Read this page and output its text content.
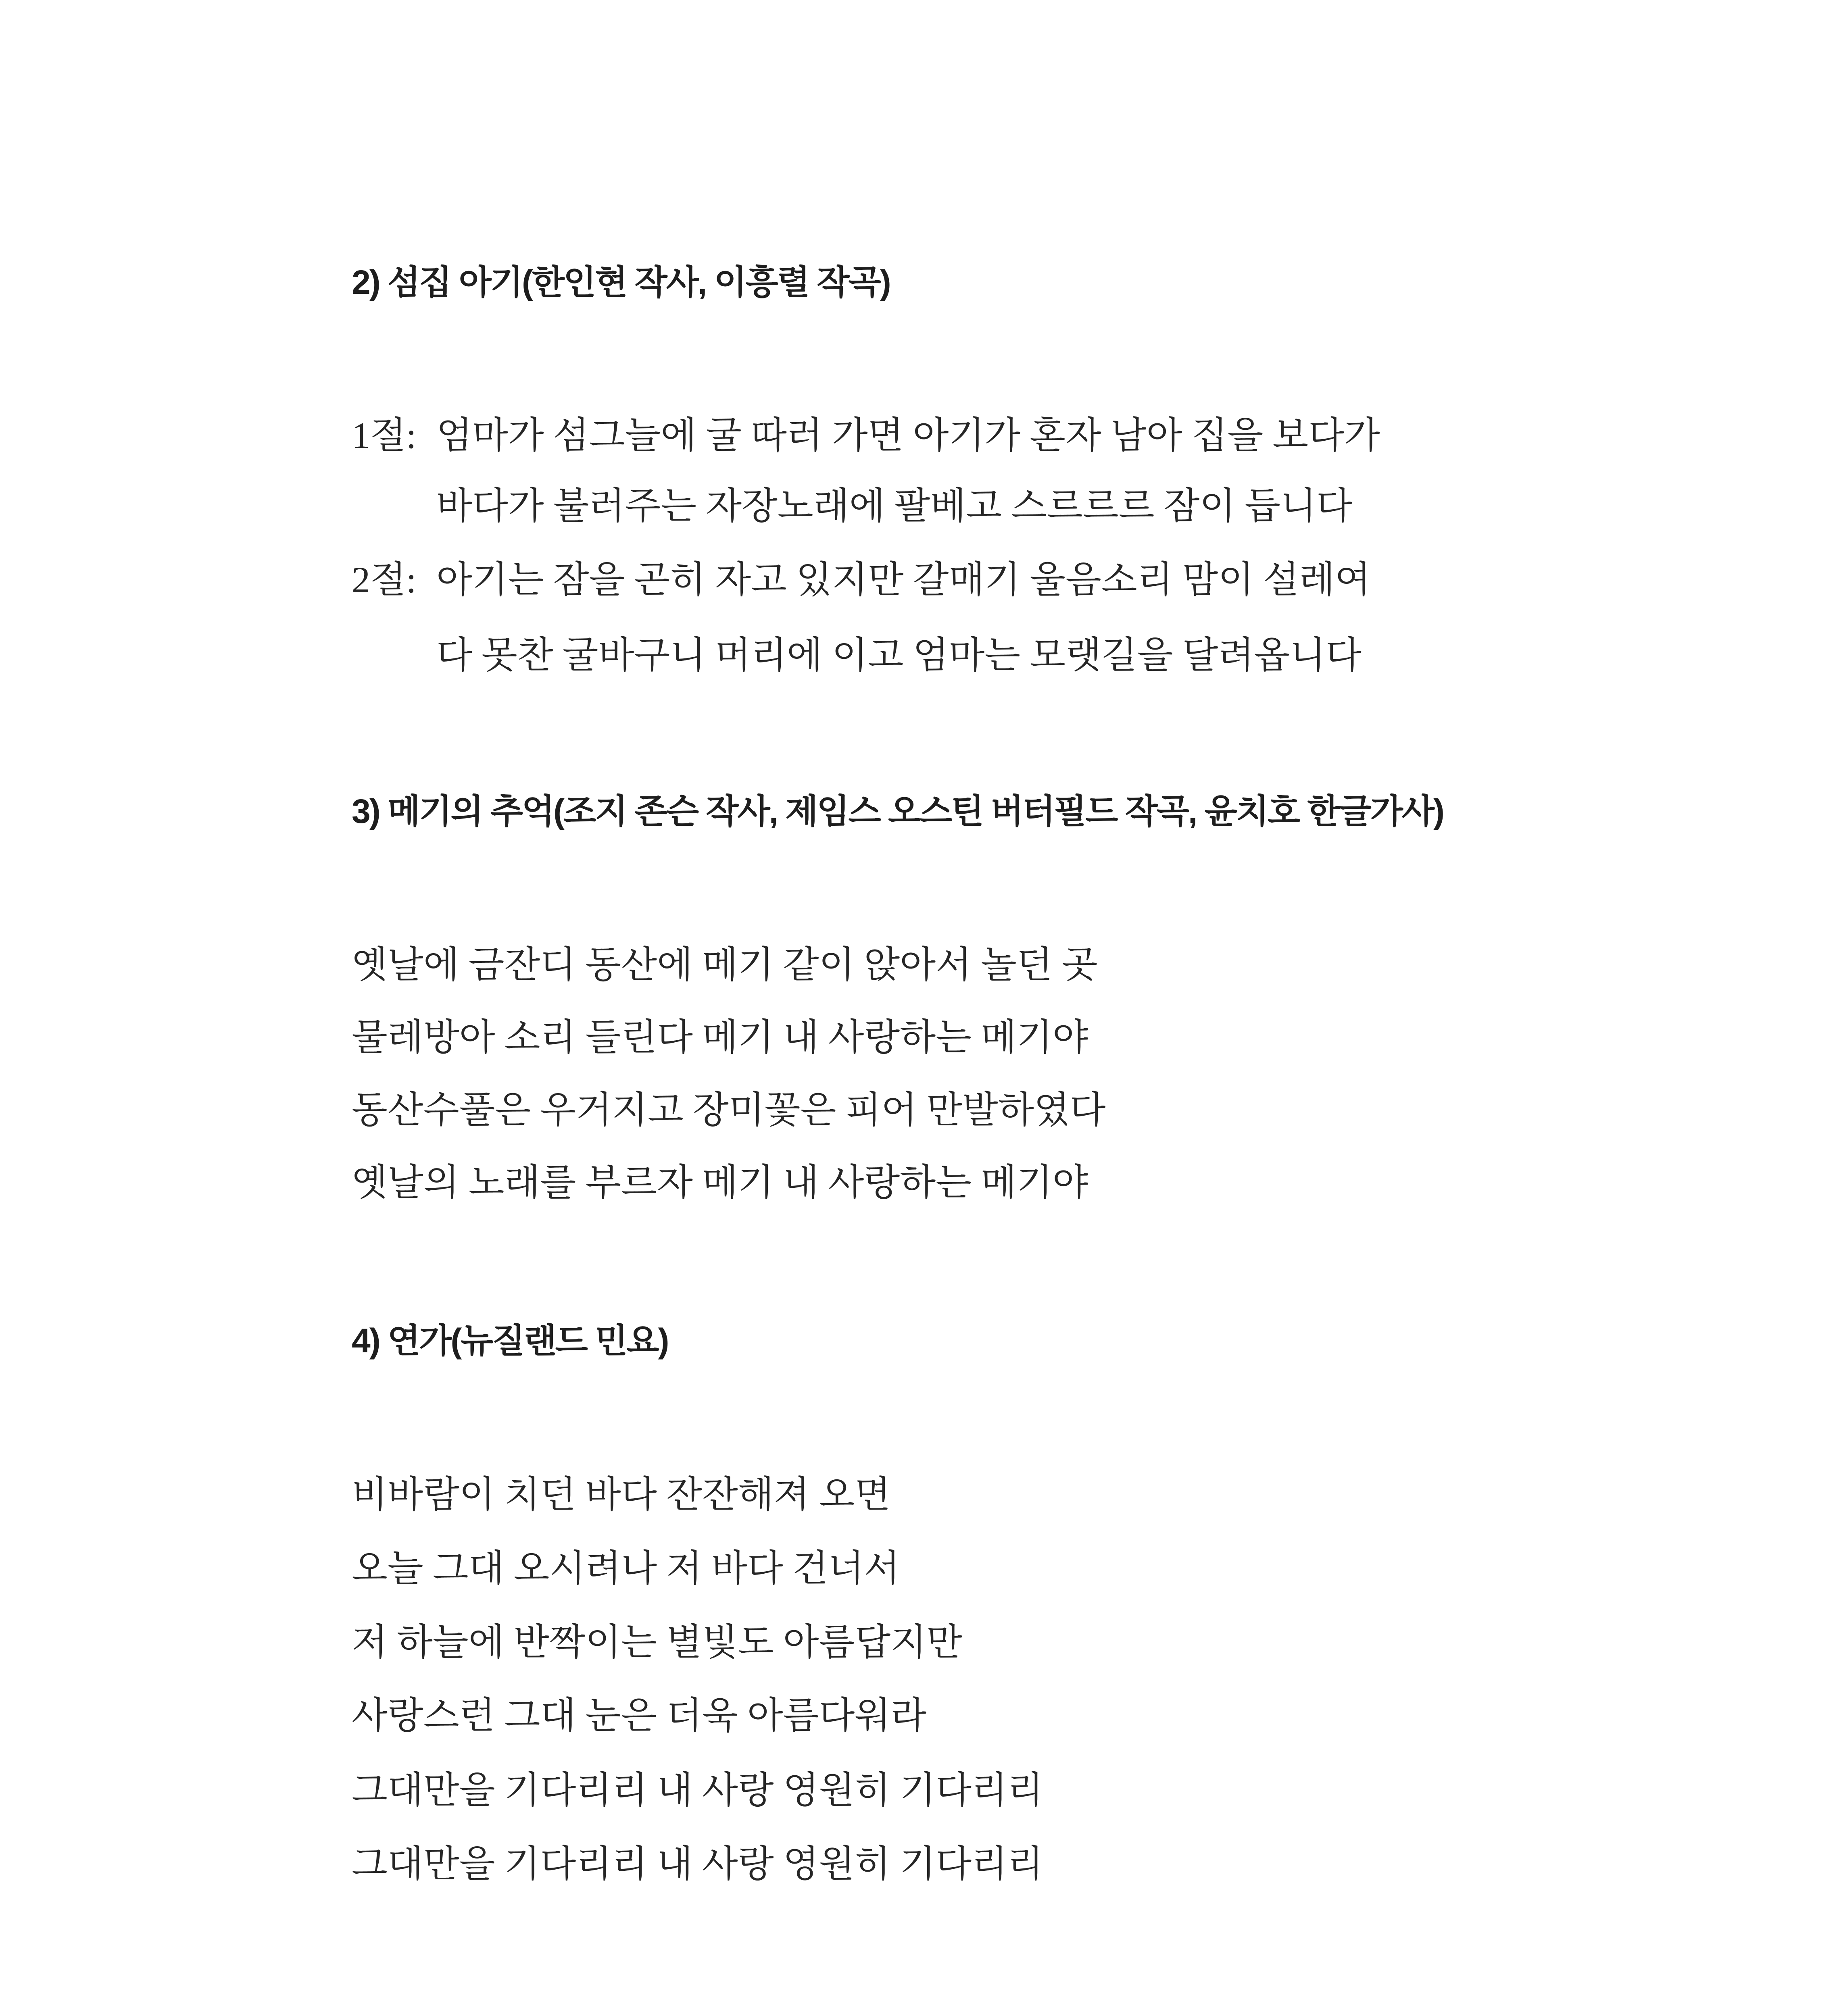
2) 섬집 아기(한인현 작사, 이흥렬 작곡)

1절: 엄마가 섬그늘에 굴 따러 가면 아기가 혼자 남아 집을 보다가

바다가 불러주는 자장노래에 팔베고 스르르르 잠이 듭니다

2절: 아기는 잠을 곤히 자고 있지만 갈매기 울음소리 맘이 설레여

다 못찬 굴바구니 머리에 이고 엄마는 모랫길을 달려옵니다

3) 메기의 추억(조지 존슨 작사, 제임스 오스틴 버터필드 작곡, 윤치호 한글가사)

옛날에 금잔디 동산에 메기 같이 앉아서 놀던 곳

물레방아 소리 들린다 메기 내 사랑하는 메기야

동산수풀은 우거지고 장미꽃은 피어 만발하였다

옛날의 노래를 부르자 메기 내 사랑하는 메기야

4) 연가(뉴질랜드 민요)

비바람이 치던 바다 잔잔해져 오면

오늘 그대 오시려나 저 바다 건너서

저 하늘에 반짝이는 별빛도 아름답지만

사랑스런 그대 눈은 더욱 아름다워라

그대만을 기다리리 내 사랑 영원히 기다리리

그대만을 기다리리 내 사랑 영원히 기다리리
